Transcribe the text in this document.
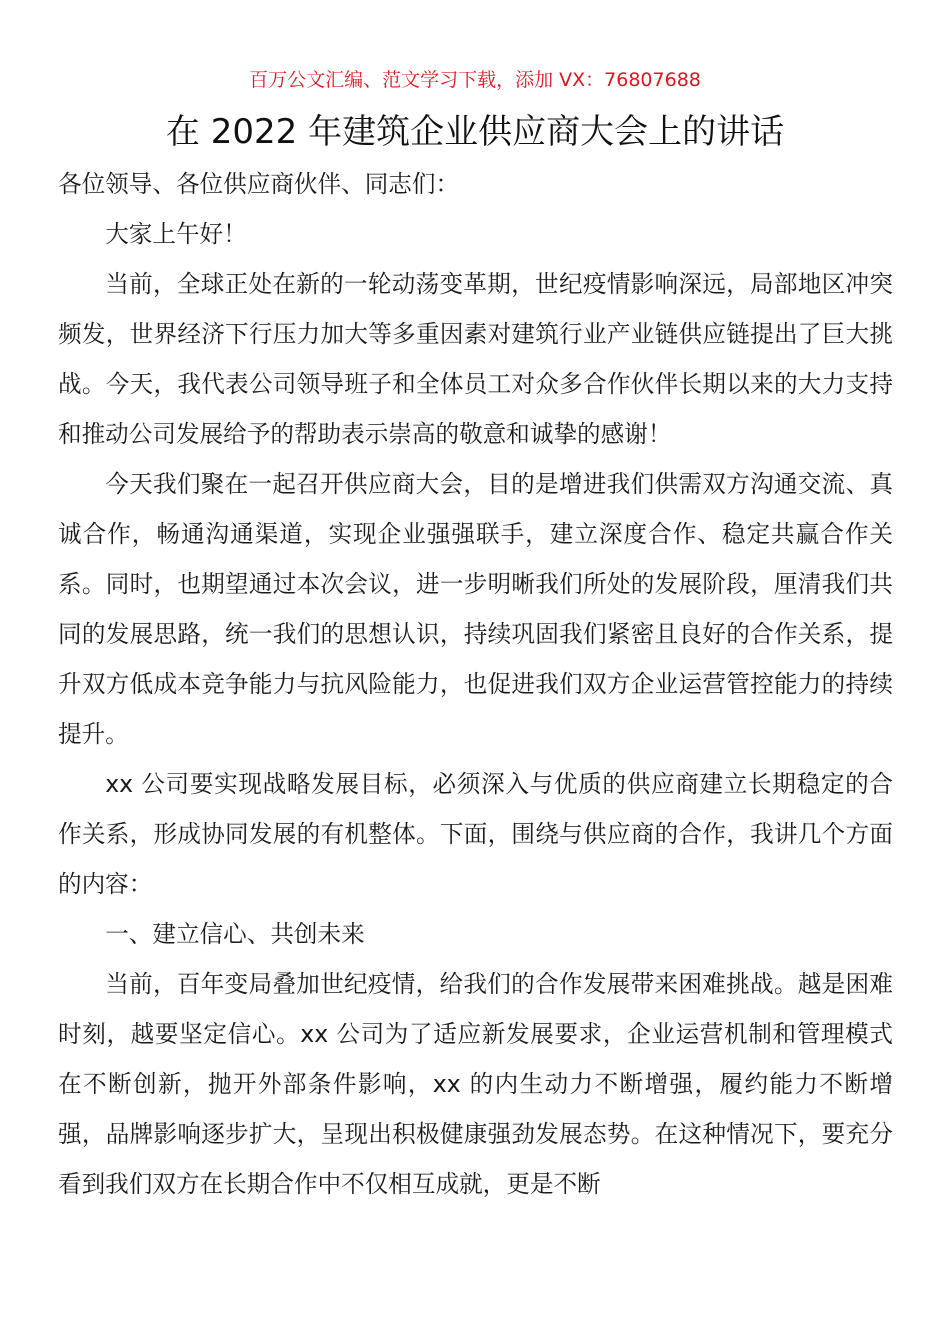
百万公文汇编、范文学习下载，添加 VX：76807688
在 2022 年建筑企业供应商大会上的讲话

各位领导、各位供应商伙伴、同志们：

大家上午好！

当前，全球正处在新的一轮动荡变革期，世纪疫情影响深远，局部地区冲突频发，世界经济下行压力加大等多重因素对建筑行业产业链供应链提出了巨大挑战。今天，我代表公司领导班子和全体员工对众多合作伙伴长期以来的大力支持和推动公司发展给予的帮助表示崇高的敬意和诚挚的感谢！

今天我们聚在一起召开供应商大会，目的是增进我们供需双方沟通交流、真诚合作，畅通沟通渠道，实现企业强强联手，建立深度合作、稳定共赢合作关系。同时，也期望通过本次会议，进一步明晰我们所处的发展阶段，厘清我们共同的发展思路，统一我们的思想认识，持续巩固我们紧密且良好的合作关系，提升双方低成本竞争能力与抗风险能力，也促进我们双方企业运营管控能力的持续提升。

xx 公司要实现战略发展目标，必须深入与优质的供应商建立长期稳定的合作关系，形成协同发展的有机整体。下面，围绕与供应商的合作，我讲几个方面的内容：

一、建立信心、共创未来

当前，百年变局叠加世纪疫情，给我们的合作发展带来困难挑战。越是困难时刻，越要坚定信心。xx 公司为了适应新发展要求，企业运营机制和管理模式在不断创新，抛开外部条件影响，xx 的内生动力不断增强，履约能力不断增强，品牌影响逐步扩大，呈现出积极健康强劲发展态势。在这种情况下，要充分看到我们双方在长期合作中不仅相互成就，更是不断
